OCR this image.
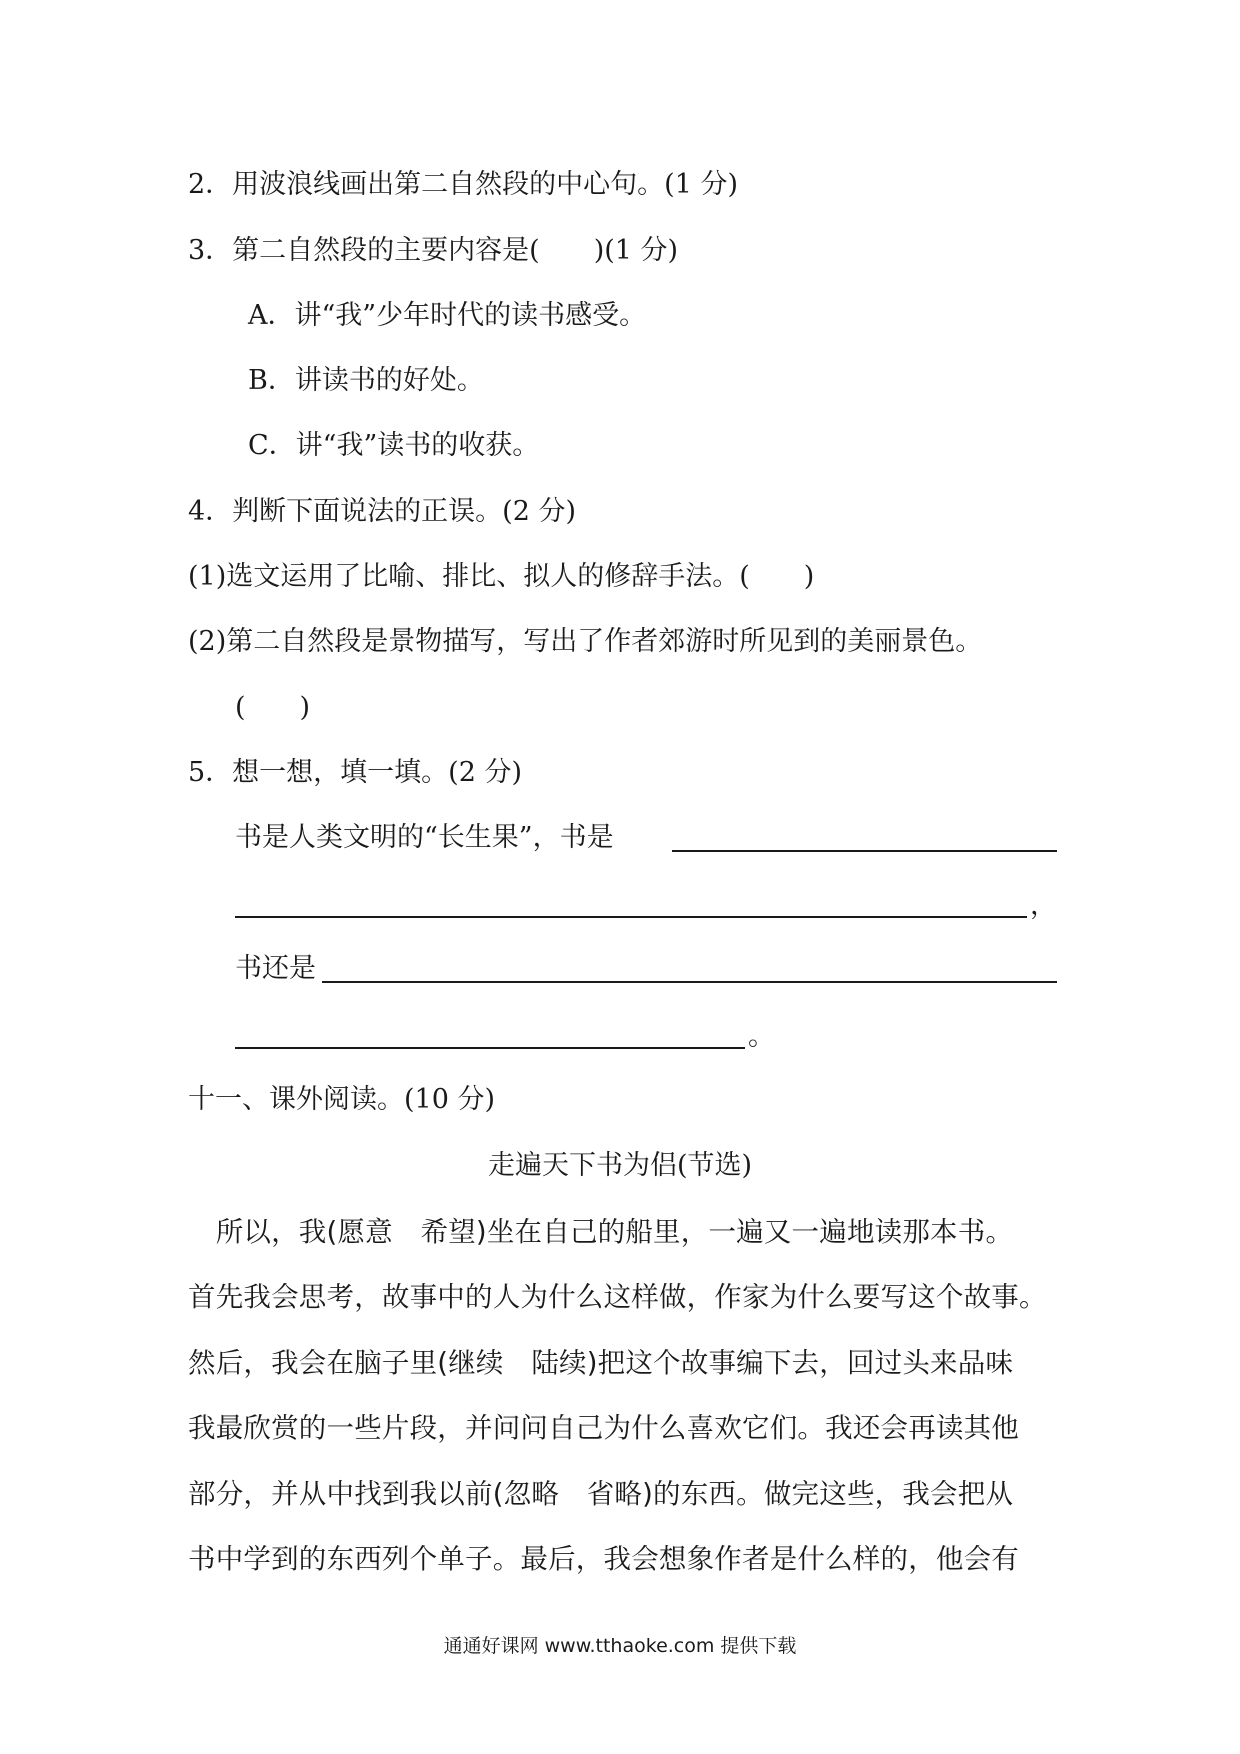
2．用波浪线画出第二自然段的中心句。(1 分)
3．第二自然段的主要内容是(　　)(1 分)
A．讲“我”少年时代的读书感受。
B．讲读书的好处。
C．讲“我”读书的收获。
4．判断下面说法的正误。(2 分)
(1)选文运用了比喻、排比、拟人的修辞手法。(　　)
(2)第二自然段是景物描写，写出了作者郊游时所见到的美丽景色。
(　　)
5．想一想，填一填。(2 分)
书是人类文明的“长生果”，书是
，
书还是
。
十一、课外阅读。(10 分)
走遍天下书为侣(节选)
　所以，我(愿意　希望)坐在自己的船里，一遍又一遍地读那本书。
首先我会思考，故事中的人为什么这样做，作家为什么要写这个故事。
然后，我会在脑子里(继续　陆续)把这个故事编下去，回过头来品味
我最欣赏的一些片段，并问问自己为什么喜欢它们。我还会再读其他
部分，并从中找到我以前(忽略　省略)的东西。做完这些，我会把从
书中学到的东西列个单子。最后，我会想象作者是什么样的，他会有
通通好课网 www.tthaoke.com 提供下载
